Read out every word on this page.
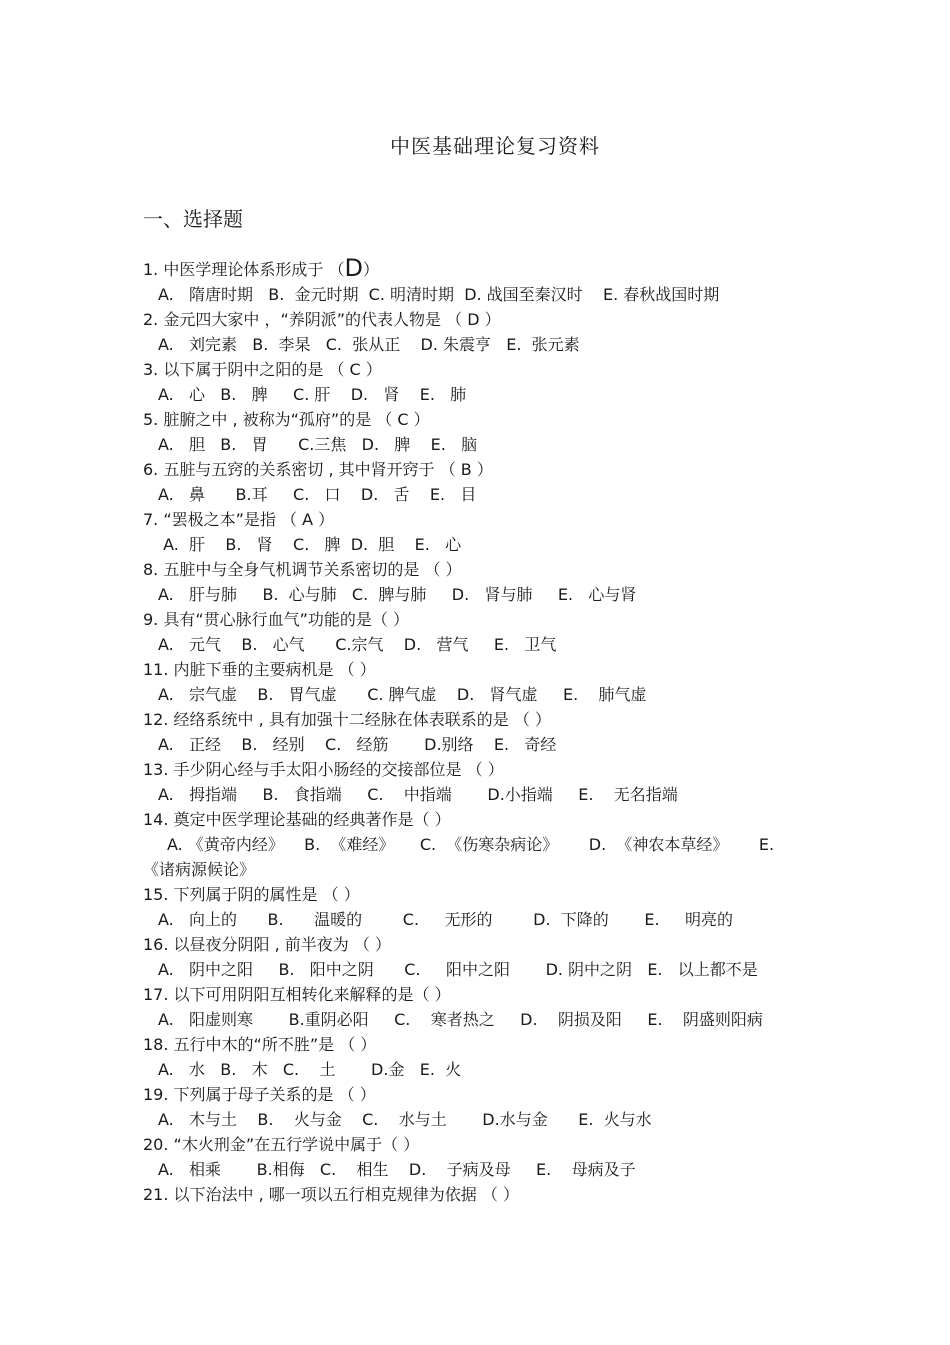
中医基础理论复习资料
一、选择题
1. 中医学理论体系形成于 （D）
A.   隋唐时期   B.  金元时期  C. 明清时期  D. 战国至秦汉时    E. 春秋战国时期
2. 金元四大家中 ，“养阴派”的代表人物是 （ D ）
A.   刘完素   B.  李杲   C.  张从正    D. 朱震亨   E.  张元素
3. 以下属于阴中之阳的是 （ C ）
A.   心   B.   脾     C. 肝    D.   肾    E.   肺
5. 脏腑之中 , 被称为“孤府”的是 （ C ）
A.   胆   B.   胃      C.三焦   D.   脾    E.   脑
6. 五脏与五窍的关系密切 , 其中肾开窍于 （ B ）
A.   鼻      B.耳     C.   口    D.   舌    E.   目
7. “罢极之本”是指 （ A ）
A.  肝    B.   肾    C.   脾  D.  胆    E.   心
8. 五脏中与全身气机调节关系密切的是 （ ）
A.   肝与肺     B.  心与肺   C.  脾与肺     D.   肾与肺     E.   心与肾
9. 具有“贯心脉行血气”功能的是（ ）
A.   元气    B.   心气      C.宗气    D.   营气     E.   卫气
11. 内脏下垂的主要病机是 （ ）
A.   宗气虚    B.   胃气虚      C. 脾气虚    D.   肾气虚     E.    肺气虚
12. 经络系统中 , 具有加强十二经脉在体表联系的是 （ ）
A.   正经    B.   经别    C.   经筋       D.别络    E.   奇经
13. 手少阴心经与手太阳小肠经的交接部位是 （ ）
A.   拇指端     B.   食指端     C.    中指端       D.小指端     E.    无名指端
14. 奠定中医学理论基础的经典著作是（ ）
A. 《黄帝内经》    B.  《难经》     C.  《伤寒杂病论》      D.  《神农本草经》      E.
《诸病源候论》
15. 下列属于阴的属性是 （ ）
A.   向上的      B.      温暖的        C.     无形的        D.  下降的       E.     明亮的
16. 以昼夜分阴阳 , 前半夜为 （ ）
A.   阴中之阳     B.   阳中之阴      C.     阳中之阳       D. 阴中之阴   E.   以上都不是
17. 以下可用阴阳互相转化来解释的是（ ）
A.   阳虚则寒       B.重阴必阳     C.    寒者热之     D.    阴损及阳     E.    阴盛则阳病
18. 五行中木的“所不胜”是 （ ）
A.   水   B.   木   C.    土       D.金   E.  火
19. 下列属于母子关系的是 （ ）
A.   木与土    B.    火与金    C.    水与土       D.水与金      E.  火与水
20. “木火刑金”在五行学说中属于（ ）
A.   相乘       B.相侮   C.    相生    D.    子病及母     E.    母病及子
21. 以下治法中 , 哪一项以五行相克规律为依据 （ ）
